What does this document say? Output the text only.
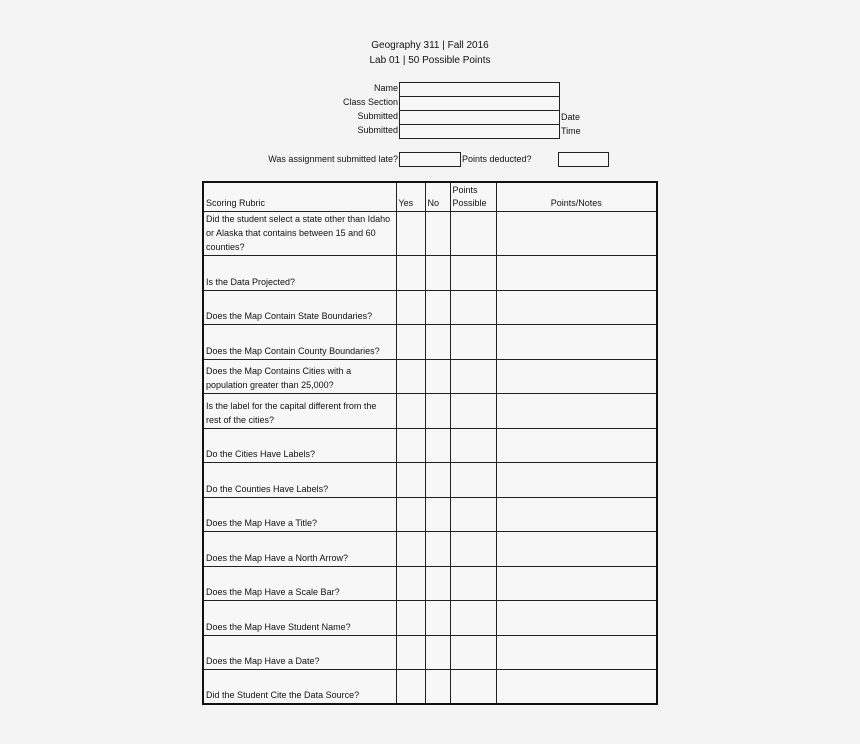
Geography 311 | Fall 2016
Lab 01 | 50 Possible Points
Name
Class Section
Submitted	Date
Submitted	Time
Was assignment submitted late?	Points deducted?
Scoring Rubric	Yes	No	Points Possible	Points/Notes
Did the student select a state other than Idaho or Alaska that contains between 15 and 60 counties?				
Is the Data Projected?				
Does the Map Contain State Boundaries?				
Does the Map Contain County Boundaries?				
Does the Map Contains Cities with a population greater than 25,000?				
Is the label for the capital different from the rest of the cities?				
Do the Cities Have Labels?				
Do the Counties Have Labels?				
Does the Map Have a Title?				
Does the Map Have a North Arrow?				
Does the Map Have a Scale Bar?				
Does the Map Have Student Name?				
Does the Map Have a Date?				
Did the Student Cite the Data Source?				
